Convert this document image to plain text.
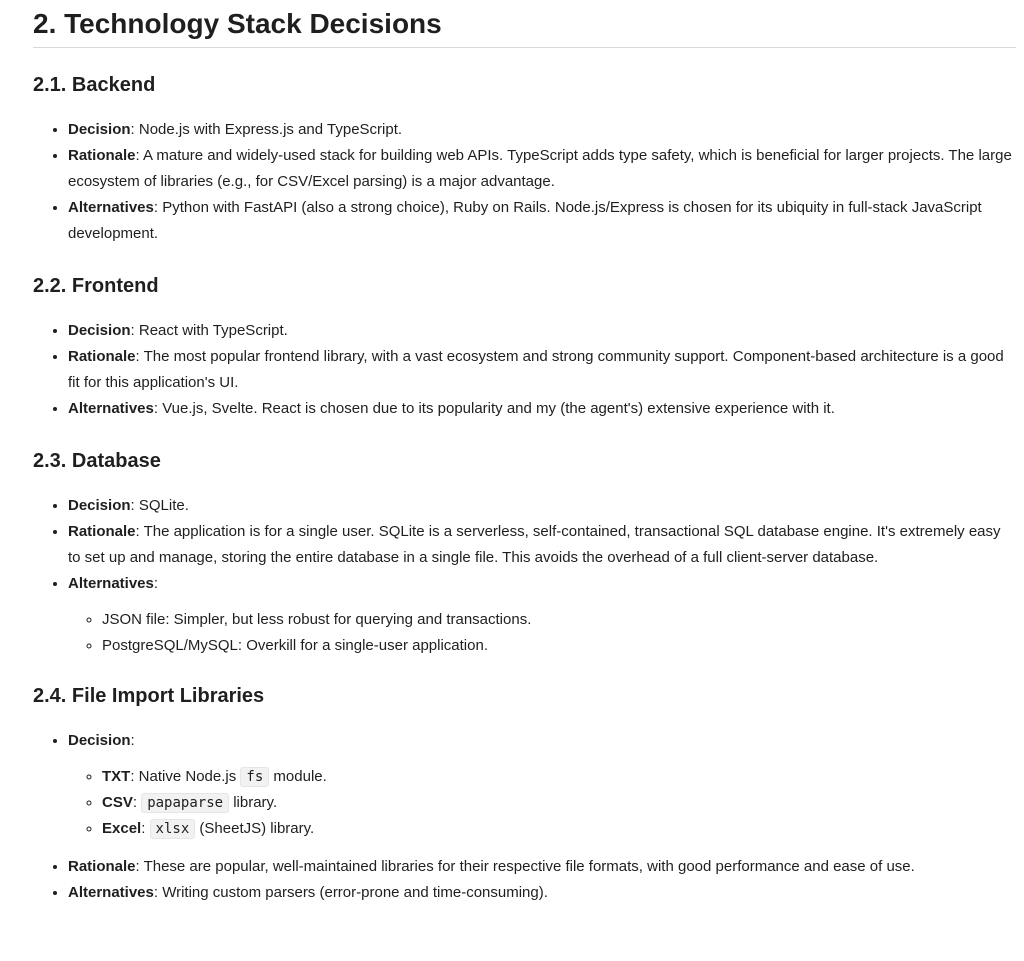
2. Technology Stack Decisions
2.1. Backend
• Decision: Node.js with Express.js and TypeScript.
• Rationale: A mature and widely-used stack for building web APIs. TypeScript adds type safety, which is beneficial for larger projects. The large ecosystem of libraries (e.g., for CSV/Excel parsing) is a major advantage.
• Alternatives: Python with FastAPI (also a strong choice), Ruby on Rails. Node.js/Express is chosen for its ubiquity in full-stack JavaScript development.
2.2. Frontend
• Decision: React with TypeScript.
• Rationale: The most popular frontend library, with a vast ecosystem and strong community support. Component-based architecture is a good fit for this application's UI.
• Alternatives: Vue.js, Svelte. React is chosen due to its popularity and my (the agent's) extensive experience with it.
2.3. Database
• Decision: SQLite.
• Rationale: The application is for a single user. SQLite is a serverless, self-contained, transactional SQL database engine. It's extremely easy to set up and manage, storing the entire database in a single file. This avoids the overhead of a full client-server database.
• Alternatives:
◦ JSON file: Simpler, but less robust for querying and transactions.
◦ PostgreSQL/MySQL: Overkill for a single-user application.
2.4. File Import Libraries
• Decision:
◦ TXT: Native Node.js fs module.
◦ CSV: papaparse library.
◦ Excel: xlsx (SheetJS) library.
• Rationale: These are popular, well-maintained libraries for their respective file formats, with good performance and ease of use.
• Alternatives: Writing custom parsers (error-prone and time-consuming).
